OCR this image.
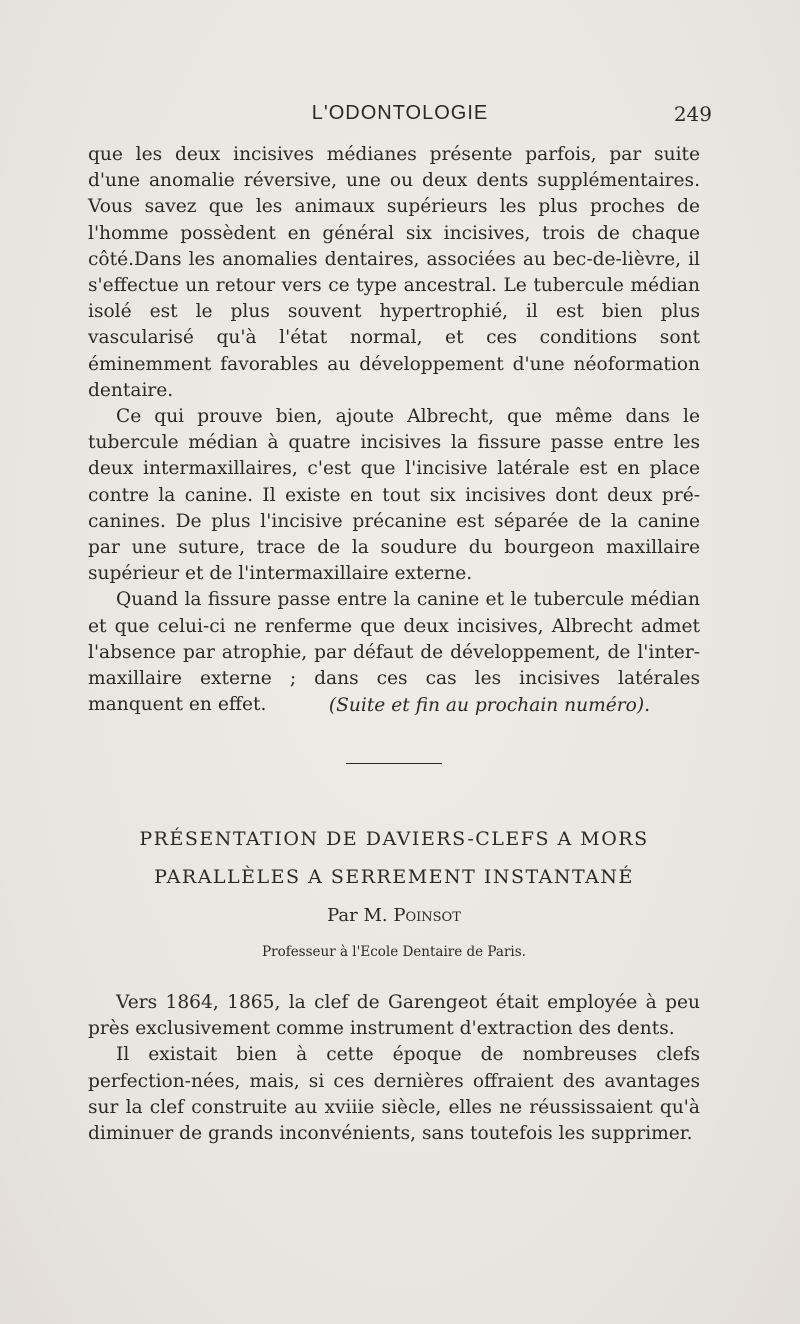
L'ODONTOLOGIE	249

que les deux incisives médianes présente parfois, par suite d'une anomalie réversive, une ou deux dents supplémentaires. Vous savez que les animaux supérieurs les plus proches de l'homme possèdent en général six incisives, trois de chaque côté.Dans les anomalies dentaires, associées au bec-de-lièvre, il s'effectue un retour vers ce type ancestral. Le tubercule médian isolé est le plus souvent hypertrophié, il est bien plus vascularisé qu'à l'état normal, et ces conditions sont éminemment favorables au développement d'une néoformation dentaire.

Ce qui prouve bien, ajoute Albrecht, que même dans le tubercule médian à quatre incisives la fissure passe entre les deux intermaxillaires, c'est que l'incisive latérale est en place contre la canine. Il existe en tout six incisives dont deux pré-canines. De plus l'incisive précanine est séparée de la canine par une suture, trace de la soudure du bourgeon maxillaire supérieur et de l'intermaxillaire externe.

Quand la fissure passe entre la canine et le tubercule médian et que celui-ci ne renferme que deux incisives, Albrecht admet l'absence par atrophie, par défaut de développement, de l'inter-maxillaire externe ; dans ces cas les incisives latérales manquent en effet.	(Suite et fin au prochain numéro).
PRÉSENTATION DE DAVIERS-CLEFS A MORS
PARALLÈLES A SERREMENT INSTANTANÉ
Par M. Poinsot
Professeur à l'Ecole Dentaire de Paris.

Vers 1864, 1865, la clef de Garengeot était employée à peu près exclusivement comme instrument d'extraction des dents.

Il existait bien à cette époque de nombreuses clefs perfection-nées, mais, si ces dernières offraient des avantages sur la clef construite au xviiie siècle, elles ne réussissaient qu'à diminuer de grands inconvénients, sans toutefois les supprimer.
